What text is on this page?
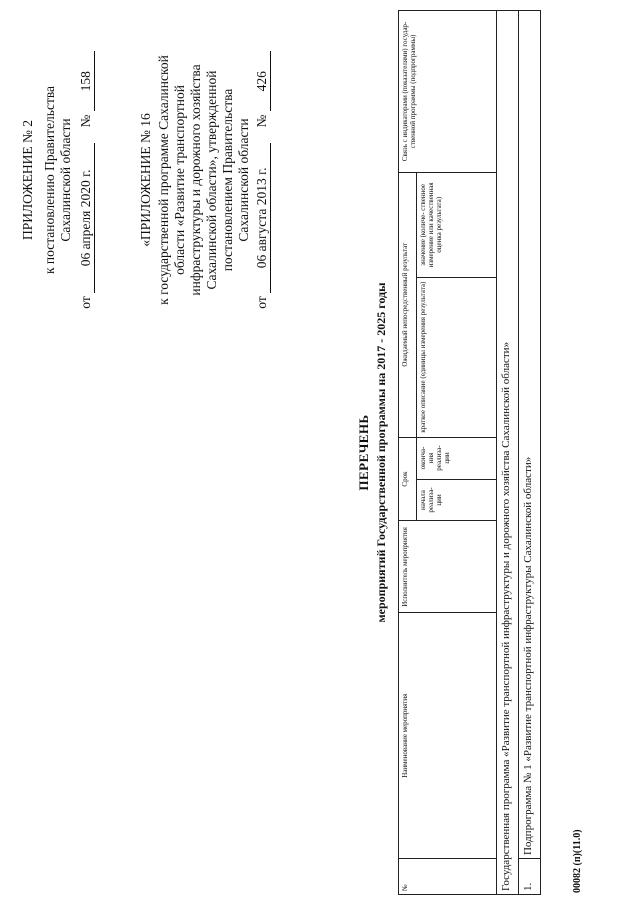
ПРИЛОЖЕНИЕ № 2 к постановлению Правительства Сахалинской области
от 06 апреля 2020 г. № 158
«ПРИЛОЖЕНИЕ № 16 к государственной программе Сахалинской области «Развитие транспортной инфраструктуры и дорожного хозяйства Сахалинской области», утвержденной постановлением Правительства Сахалинской области
от 06 августа 2013 г. № 426
ПЕРЕЧЕНЬ мероприятий Государственной программы на 2017 - 2025 годы
№	Наименование мероприятия	Исполнитель мероприятия	Срок		Ожидаемый непосредственный результат		Связь с индикаторами (показателями) государ- ственной программы (подпрограммы)
			начала реализа- ции	оконча- ния реализа- ции	краткое описание (единицы измерения результата)	значение (количе- ственное измерение или качественная оценка результата)	
Государственная программа «Развитие транспортной инфраструктуры и дорожного хозяйства Сахалинской области»							
1.	Подпрограмма № 1 «Развитие транспортной инфраструктуры Сахалинской области»						
00082 (п)(11.0)
